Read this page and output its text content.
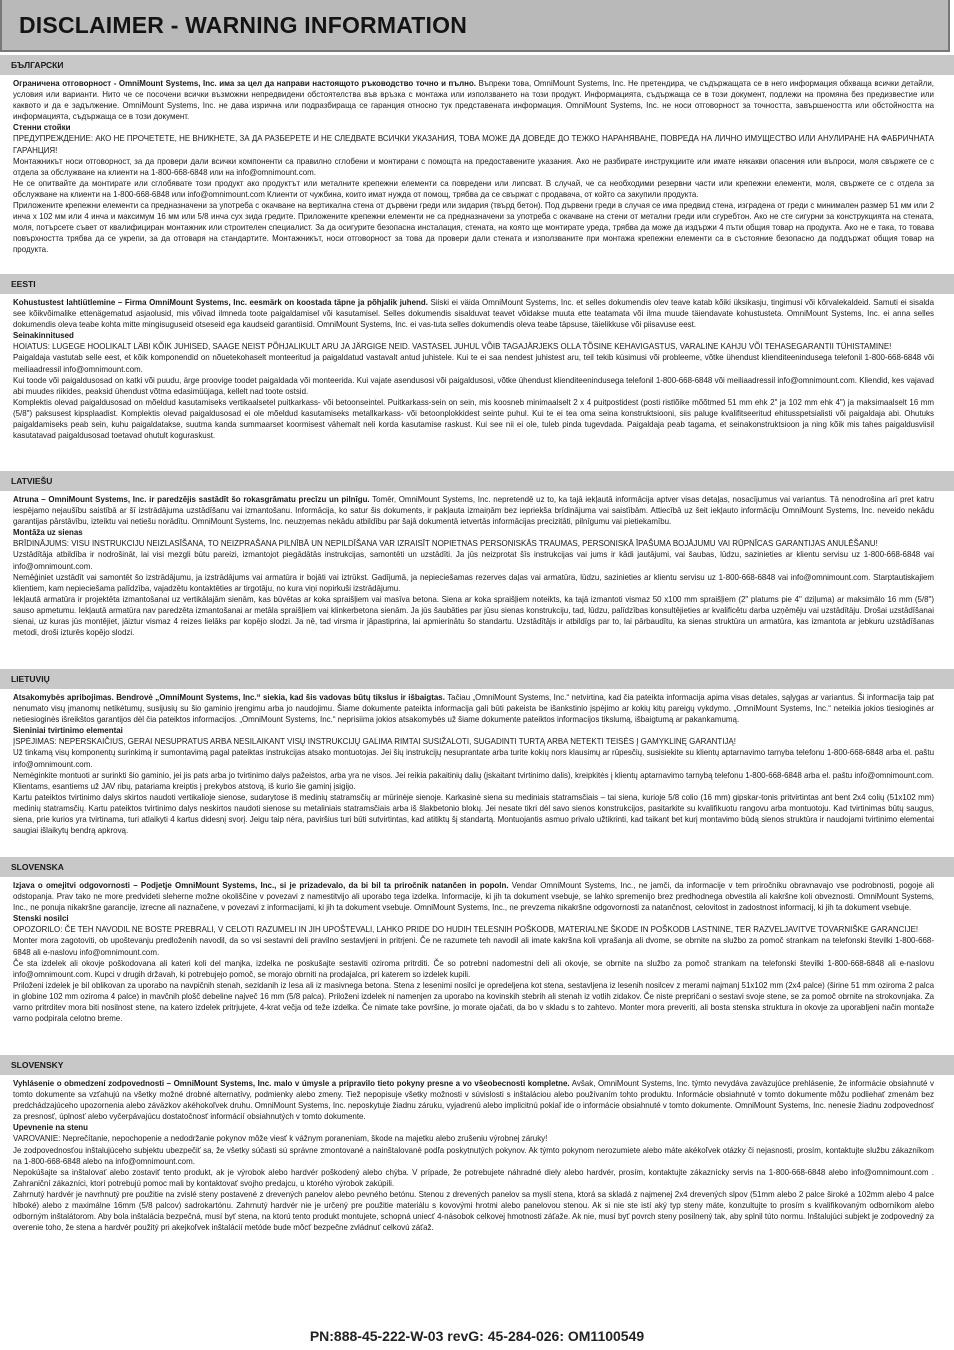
DISCLAIMER - WARNING INFORMATION
БЪЛГАРСКИ

Ограничена отговорност - OmniMount Systems, Inc. има за цел да направи настоящото ръководство точно и пълно. Въпреки това, OmniMount Systems, Inc. Не претендира, че съдържащата се в него информация обхваща всички детайли, условия или варианти. Нито че се посочени всички възможни непредвидени обстоятелства във връзка с монтажа или използването на този продукт. Информацията, съдържаща се в този документ, подлежи на промяна без предизвестие или каквото и да е задължение. OmniMount Systems, Inc. не дава изрична или подразбираща се гаранция относно тук представената информация. OmniMount Systems, Inc. не носи отговорност за точността, завършеността или обстойността на информацията, съдържаща се в този документ.

Стенни стойки

ПРЕДУПРЕЖДЕНИЕ: АКО НЕ ПРОЧЕТЕТЕ, НЕ ВНИКНЕТЕ, ЗА ДА РАЗБЕРЕТЕ И НЕ СЛЕДВАТЕ ВСИЧКИ УКАЗАНИЯ, ТОВА МОЖЕ ДА ДОВЕДЕ ДО ТЕЖКО НАРАНЯВАНЕ, ПОВРЕДА НА ЛИЧНО ИМУЩЕСТВО ИЛИ АНУЛИРАНЕ НА ФАБРИЧНАТА ГАРАНЦИЯ!

Монтажникът носи отговорност, за да провери дали всички компоненти са правилно сглобени и монтирани с помощта на предоставените указания. Ако не разбирате инструкциите или имате някакви опасения или въпроси, моля свържете се с отдела за обслужване на клиенти на 1-800-668-6848 или на info@omnimount.com.

Не се опитвайте да монтирате или сглобявате този продукт ако продуктът или металните крепежни елементи са повредени или липсват. В случай, че са необходими резервни части или крепежни елементи, моля, свържете се с отдела за обслужване на клиенти на 1-800-668-6848 или info@omnimount.com Клиенти от чужбина, които имат нужда от помощ, трябва да се свържат с продавача, от който са закупили продукта.

Приложените крепежни елементи са предназначени за употреба с окачване на вертикална стена от дървени греди или зидария (твърд бетон). Под дървени греди в случая се има предвид стена, изградена от греди с минимален размер 51 мм или 2 инча х 102 мм или 4 инча и максимум 16 мм или 5/8 инча сух зида гредите. Приложените крепежни елементи не са предназначени за употреба с окачване на стени от метални греди или сгуребтон. Ако не сте сигурни за конструкцията на стената, моля, потърсете съвет от квалифициран монтажник или строителен специалист. За да осигурите безопасна инсталация, стената, на която ще монтирате уреда, трябва да може да издържи 4 пъти общия товар на продукта. Ако не е така, то товава повърхността трябва да се укрепи, за да отговаря на стандартите. Монтажникът, носи отговорност за това да провери дали стената и използваните при монтажа крепежни елементи са в състояние безопасно да поддържат общия товар на продукта.

EESTI

Kohustustest lahtiütlemine – Firma OmniMount Systems, Inc. eesmärk on koostada täpne ja põhjalik juhend. Siiski ei väida OmniMount Systems, Inc. et selles dokumendis olev teave katab kõiki üksikasju, tingimusi või kõrvalekaldeid. Samuti ei sisalda see kõikvõimalike ettenägematud asjaolusid, mis võivad ilmneda toote paigaldamisel või kasutamisel. Selles dokumendis sisalduvat teavet võidakse muuta ette teatamata või ilma muude täiendavate kohustusteta. OmniMount Systems, Inc. ei anna selles dokumendis oleva teabe kohta mitte mingisuguseid otseseid ega kaudseid garantiisid. OmniMount Systems, Inc. ei vas-tuta selles dokumendis oleva teabe täpsuse, täielikkuse või piisavuse eest.

Seinakinnitused

HOIATUS: LUGEGE HOOLIKALT LÄBI KÕIK JUHISED, SAAGE NEIST PÕHJALIKULT ARU JA JÄRGIGE NEID. VASTASEL JUHUL VÕIB TAGAJÄRJEKS OLLA TÕSINE KEHAVIGASTUS, VARALINE KAHJU VÕI TEHASEGARANTII TÜHISTAMINE!

Paigaldaja vastutab selle eest, et kõik komponendid on nõuetekohaselt monteeritud ja paigaldatud vastavalt antud juhistele. Kui te ei saa nendest juhistest aru, teil tekib küsimusi või probleeme, võtke ühendust klienditeenindusega telefonil 1-800-668-6848 või meiliaadressil info@omnimount.com.

Kui toode või paigaldusosad on katki või puudu, ärge proovige toodet paigaldada või monteerida. Kui vajate asendusosi või paigaldusosi, võtke ühendust klienditeenindusega telefonil 1-800-668-6848 või meiliaadressil info@omnimount.com. Kliendid, kes vajavad abi muudes riikides, peaksid ühendust võtma edasimüüjaga, kellelt nad toote ostsid.

Komplektis olevad paigaldusosad on mõeldud kasutamiseks vertikaalsetel puitkarkass- või betoonseintel. Puitkarkass-sein on sein, mis koosneb minimaalselt 2 x 4 puitpostidest (posti ristlõike mõõtmed 51 mm ehk 2" ja 102 mm ehk 4") ja maksimaalselt 16 mm (5/8") paksusest kipsplaadist. Komplektis olevad paigaldusosad ei ole mõeldud kasutamiseks metallkarkass- või betoonplokkidest seinte puhul. Kui te ei tea oma seina konstruktsiooni, siis paluge kvalifitseeritud ehitusspetsialisti või paigaldaja abi. Ohutuks paigaldamiseks peab sein, kuhu paigaldatakse, suutma kanda summaarset koormisest vähemalt neli korda kasutamise raskust. Kui see nii ei ole, tuleb pinda tugevdada. Paigaldaja peab tagama, et seinakonstruktsioon ja ning kõik mis tahes paigaldusviisil kasutatavad paigaldusosad toetavad ohutult koguraskust.

LATVIEŠU

Atruna – OmniMount Systems, Inc. ir paredzējis sastādīt šo rokasgrāmatu precīzu un pilnīgu. Tomēr, OmniMount Systems, Inc. nepretendē uz to, ka tajā iekļautā informācija aptver visas detaļas, nosacījumus vai variantus. Tā nenodrošina arī pret katru iespējamo nejaušību saistībā ar šī izstrādājuma uzstādīšanu vai izmantošanu. Informācija, ko satur šis dokuments, ir pakļauta izmaiņām bez iepriekša brīdinājuma vai saistībām. Attiecībā uz šeit iekļauto informāciju OmniMount Systems, Inc. neveido nekādu garantijas pārstāvību, izteiktu vai netiešu norādītu. OmniMount Systems, Inc. neuzņemas nekādu atbildību par šajā dokumentā ietvertās informācijas precizitāti, pilnīgumu vai pietiekamību.

Montāža uz sienas

BRĪDINĀJUMS: VISU INSTRUKCIJU NEIZLASĪŠANA, TO NEIZPRAŠANA PILNĪBĀ UN NEPILDĪŠANA VAR IZRAISĪT NOPIETNAS PERSONISKĀS TRAUMAS, PERSONISKĀ ĪPAŠUMA BOJĀJUMU VAI RŪPNĪCAS GARANTIJAS ANULĒŠANU!

Uzstādītāja atbildība ir nodrošināt, lai visi mezgli būtu pareizi, izmantojot piegādātās instrukcijas, samontēti un uzstādīti. Ja jūs neizprotat šīs instrukcijas vai jums ir kādi jautājumi, vai šaubas, lūdzu, sazinieties ar klientu servisu uz 1-800-668-6848 vai info@omnimount.com.

Nemēģiniet uzstādīt vai samontēt šo izstrādājumu, ja izstrādājums vai armatūra ir bojāti vai iztrūkst. Gadījumā, ja nepieciešamas rezerves daļas vai armatūra, lūdzu, sazinieties ar klientu servisu uz 1-800-668-6848 vai info@omnimount.com. Starptautiskajiem klientiem, kam nepieciešama palīdzība, vajadzētu kontaktēties ar tirgotāju, no kura viņi nopirkuši izstrādājumu.

Iekļautā armatūra ir projektēta izmantošanai uz vertikālajām sienām, kas būvētas ar koka spraišļiem vai masīva betona. Siena ar koka spraišļiem noteikts, ka tajā izmantoti vismaz 50 x100 mm spraišļiem (2" platums pie 4" dziļuma) ar maksimālo 16 mm (5/8") sauso apmetumu. Iekļautā armatūra nav paredzēta izmantošanai ar metāla spraišļiem vai klinkerbetona sienām. Ja jūs šaubāties par jūsu sienas konstrukciju, tad, lūdzu, palīdzības konsultējieties ar kvalificētu darba uzņēmēju vai uzstādītāju. Drošai uzstādīšanai sienai, uz kuras jūs montējiet, jāiztur vismaz 4 reizes lielāks par kopējo slodzi. Ja nē, tad virsma ir jāpastiprina, lai apmierinātu šo standartu. Uzstādītājs ir atbildīgs par to, lai pārbaudītu, ka sienas struktūra un armatūra, kas izmantota ar jebkuru uzstādīšanas metodi, droši izturēs kopējo slodzi.

LIETUVIŲ

Atsakomybės apribojimas. Bendrovė „OmniMount Systems, Inc.“ siekia, kad šis vadovas būtų tikslus ir išbaigtas. Tačiau „OmniMount Systems, Inc.“ netvirtina, kad čia pateikta informacija apima visas detales, sąlygas ar variantus. Ši informacija taip pat nenumato visų įmanomų netikėtumų, susijusių su šio gaminio įrengimu arba jo naudojimu. Šiame dokumente pateikta informacija gali būti pakeista be išankstinio įspėjimo ar kokių kitų pareigų vykdymo. „OmniMount Systems, Inc.“ neteikia jokios tiesioginės ar netiesioginės išreikštos garantijos dėl čia pateiktos informacijos. „OmniMount Systems, Inc.“ neprisiima jokios atsakomybės už šiame dokumente pateiktos informacijos tikslumą, išbaigtumą ar pakankamumą.

Sieniniai tvirtinimo elementai

ĮSPĖJIMAS: NEPERSKAIČIUS, GERAI NESUPRATUS ARBA NESILAIKANT VISŲ INSTRUKCIJŲ GALIMA RIMTAI SUSIŽALOTI, SUGADINTI TURTĄ ARBA NETEKTI TEISĖS Į GAMYKLINĘ GARANTIJĄ!

Už tinkamą visų komponentų surinkimą ir sumontavimą pagal pateiktas instrukcijas atsako montuotojas. Jei šių instrukcijų nesuprantate arba turite kokių nors klausimų ar rūpesčių, susisiekite su klientų aptarnavimo tarnyba telefonu 1-800-668-6848 arba el. paštu info@omnimount.com.

Nemėginkite montuoti ar surinkti šio gaminio, jei jis pats arba jo tvirtinimo dalys pažeistos, arba yra ne visos. Jei reikia pakaitinių dalių (įskaitant tvirtinimo dalis), kreipkitės į klientų aptarnavimo tarnybą telefonu 1-800-668-6848 arba el. paštu info@omnimount.com. Klientams, esantiems už JAV ribų, patariama kreiptis į prekybos atstovą, iš kurio šie gaminį įsigijo.

Kartu pateiktos tvirtinimo dalys skirtos naudoti vertikalioje sienose, sudarytose iš medinių statramsčių ar mūrinėje sienoje. Karkasinė siena su mediniais statramsčiais – tai siena, kurioje 5/8 colio (16 mm) gipskar-tonis pritvirtintas ant bent 2x4 colių (51x102 mm) medinių statramsčių. Kartu pateiktos tvirtinimo dalys neskirtos naudoti sienose su metaliniais statramsčiais arba iš šlakbetonio blokų. Jei nesate tikri dėl savo sienos konstrukcijos, pasitarkite su kvalifikuotu rangovu arba montuotoju. Kad tvirtinimas būtų saugus, siena, prie kurios yra tvirtinama, turi atlaikyti 4 kartus didesnį svorį. Jeigu taip nėra, paviršius turi būti sutvirtintas, kad atitiktų šį standartą. Montuojantis asmuo privalo užtikrinti, kad taikant bet kurį montavimo būdą sienos struktūra ir naudojami tvirtinimo elementai saugiai išlaikytų bendrą apkrovą.

SLOVENSKA

Izjava o omejitvi odgovornosti – Podjetje OmniMount Systems, Inc., si je prizadevalo, da bi bil ta priročnik natančen in popoln. Vendar OmniMount Systems, Inc., ne jamči, da informacije v tem priročniku obravnavajo vse podrobnosti, pogoje ali odstopanja. Prav tako ne more predvideti slehernе možne okoliščine v povezavi z namestitvijo ali uporabo tega izdelka. Informacije, ki jih ta dokument vsebuje, se lahko spremenijo brez predhodnega obvestila ali kakršne koli obveznosti. OmniMount Systems, Inc., ne ponuja nikakršne garancije, izrecne ali naznačene, v povezavi z informacijami, ki jih ta dokument vsebuje. OmniMount Systems, Inc., ne prevzema nikakršne odgovornosti za natančnost, celovitost in zadostnost informacij, ki jih ta dokument vsebuje.

Stenski nosilci

OPOZORILO: ČE TEH NAVODIL NE BOSTE PREBRALI, V CELOTI RAZUMELI IN JIH UPOŠTEVALI, LAHKO PRIDE DO HUDIH TELESNIH POŠKODB, MATERIALNE ŠKODE IN POŠKODB LASTNINE, TER RAZVELJAVITVE TOVARNIŠKE GARANCIJE!

Monter mora zagotoviti, ob upoštevanju predloženih navodil, da so vsi sestavni deli pravilno sestavljeni in pritrjeni. Če ne razumete teh navodil ali imate kakršna koli vprašanja ali dvome, se obrnite na službo za pomoč strankam na telefonski številki 1-800-668-6848 ali e-naslovu info@omnimount.com.

Če sta izdelek ali okovje poškodovana ali kateri koli del manjka, izdelka ne poskušajte sestaviti oziroma pritrditi. Če so potrebni nadomestni deli ali okovje, se obrnite na službo za pomoč strankam na telefonski številki 1-800-668-6848 ali e-naslovu info@omnimount.com. Kupci v drugih državah, ki potrebujejo pomoč, se morajo obrniti na prodajalca, pri katerem so izdelek kupili.

Priloženi izdelek je bil oblikovan za uporabo na navpičnih stenah, sezidanih iz lesa ali iz masivnega betona. Stena z lesenimi nosilci je opredeljena kot stena, sestavljena iz lesenih nosilcev z merami najmanj 51x102 mm (2x4 palce) (širine 51 mm oziroma 2 palca in globine 102 mm oziroma 4 palce) in mavčnih plošč debeline največ 16 mm (5/8 palca). Priloženi izdelek ni namenjen za uporabo na kovinskih stebrih ali stenah iz votlih zidakov. Če niste prepričani o sestavi svoje stene, se za pomoč obrnite na strokovnjaka. Za varno pritrditev mora biti nosilnost stene, na katero izdelek pritrjujete, 4-krat večja od teže izdelka. Če nimate take površine, jo morate ojačati, da bo v skladu s to zahtevo. Monter mora preveriti, ali bosta stenska struktura in okovje za uporabljeni način montaže varno podpirala celotno breme.

SLOVENSKY

Vyhlásenie o obmedzení zodpovednosti – OmniMount Systems, Inc. malo v úmysle a pripravilo tieto pokyny presne a vo všeobecnosti kompletne. Avšak, OmniMount Systems, Inc. týmto nevydáva zavàzujúce prehlásenie, že informácie obsiahnuté v tomto dokumente sa vzťahujú na všetky možné drobné alternatívy, podmienky alebo zmeny. Tiež nepopisuje všetky možnosti v súvislosti s inštaláciou alebo používaním tohto produktu. Informácie obsiahnuté v tomto dokumente môžu podliehať zmenám bez predchádzajúceho upozornenia alebo záväzkov akéhokoľvek druhu. OmniMount Systems, Inc. neposkytuje žiadnu záruku, vyjadrenú alebo implicitnú pokiaľ ide o informácie obsiahnuté v tomto dokumente. OmniMount Systems, Inc. nenesie žiadnu zodpovednosť za presnosť, úplnosť alebo vyčerpávajúcu dostatočnosť informácií obsiahnutých v tomto dokumente.

Upevnenie na stenu

VAROVANIE: Neprečítanie, nepochopenie a nedodržanie pokynov môže viesť k vážnym poraneniam, škode na majetku alebo zrušeniu výrobnej záruky!

Je zodpovednosťou inštalujúceho subjektu ubezpečiť sa, že všetky súčasti sú správne zmontované a nainštalované podľa poskytnutých pokynov. Ak týmto pokynom nerozumiete alebo máte akékoľvek otázky či nejasnosti, prosím, kontaktujte službu zákazníkom na 1-800-668-6848 alebo na info@omnimount.com.

Nepokúšajte sa inštalovať alebo zostaviť tento produkt, ak je výrobok alebo hardvér poškodený alebo chýba. V prípade, že potrebujete náhradné diely alebo hardvér, prosím, kontaktujte zákaznícky servis na 1-800-668-6848 alebo info@omnimount.com . Zahraniční zákazníci, ktorí potrebujú pomoc mali by kontaktovať svojho predajcu, u ktorého výrobok zakúpili.

Zahrnutý hardvér je navrhnutý pre použitie na zvislé steny postavené z drevených panelov alebo pevného betónu. Stenou z drevených panelov sa myslí stena, ktorá sa skladá z najmenej 2x4 drevených slpov (51mm alebo 2 palce široké a 102mm alebo 4 palce hlboké) alebo z maximálne 16mm (5/8 palcov) sadrokartónu. Zahrnutý hardvér nie je určený pre použitie materiálu s kovovými hrotmi alebo panelovou stenou. Ak si nie ste istí aký typ steny máte, konzultujte to prosím s kvalifikovaným odborníkom alebo odborným inštalátorom. Aby bola inštalácia bezpečná, musí byť stena, na ktorú tento produkt montujete, schopná unieсť 4-násobok celkovej hmotnosti záťaže. Ak nie, musí byť povrch steny posilnený tak, aby splnil túto normu. Inštalujúci subjekt je zodpovedný za overenie toho, že stena a hardvér použitý pri akejkoľvek inštalácií metóde bude môcť bezpečne zvládnuť celkovú záťaž.

PN:888-45-222-W-03 revG: 45-284-026: OM1100549
